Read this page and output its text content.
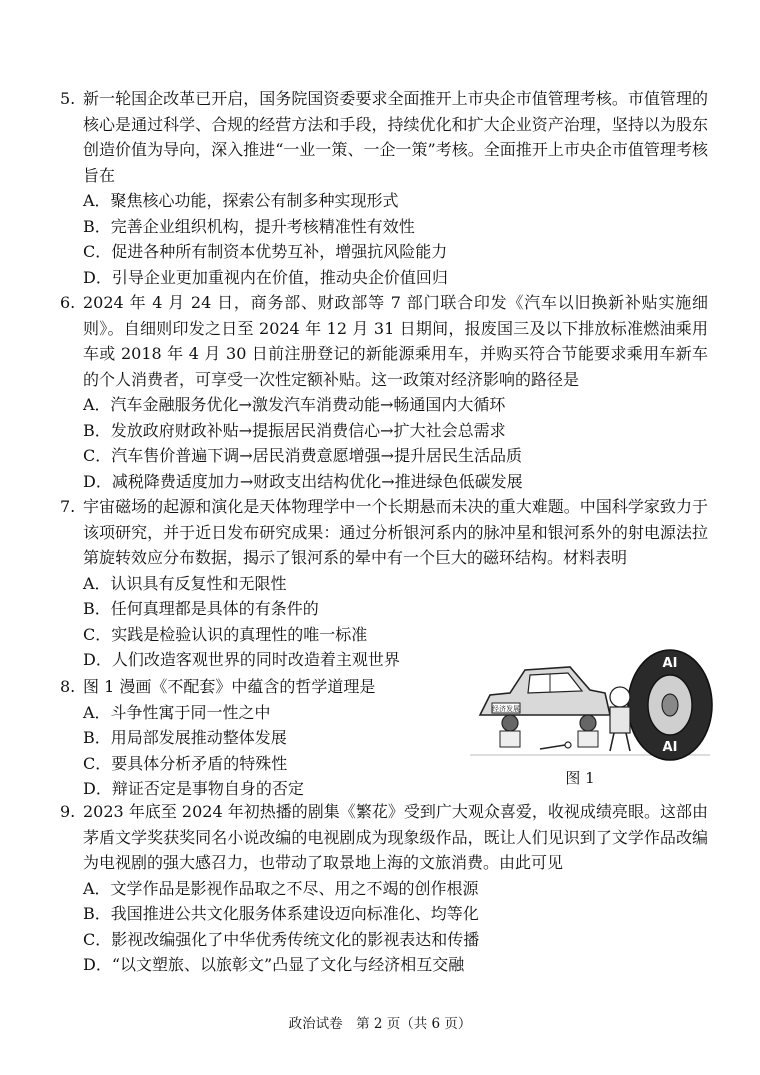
5. 新一轮国企改革已开启，国务院国资委要求全面推开上市央企市值管理考核。市值管理的核心是通过科学、合规的经营方法和手段，持续优化和扩大企业资产治理，坚持以为股东创造价值为导向，深入推进“一业一策、一企一策”考核。全面推开上市央企市值管理考核旨在

A．聚焦核心功能，探索公有制多种实现形式

B．完善企业组织机构，提升考核精准性有效性

C．促进各种所有制资本优势互补，增强抗风险能力

D．引导企业更加重视内在价值，推动央企价值回归

6. 2024 年 4 月 24 日，商务部、财政部等 7 部门联合印发《汽车以旧换新补贴实施细则》。自细则印发之日至 2024 年 12 月 31 日期间，报废国三及以下排放标准燃油乘用车或 2018 年 4 月 30 日前注册登记的新能源乘用车，并购买符合节能要求乘用车新车的个人消费者，可享受一次性定额补贴。这一政策对经济影响的路径是

A．汽车金融服务优化→激发汽车消费动能→畅通国内大循环

B．发放政府财政补贴→提振居民消费信心→扩大社会总需求

C．汽车售价普遍下调→居民消费意愿增强→提升居民生活品质

D．减税降费适度加力→财政支出结构优化→推进绿色低碳发展

7. 宇宙磁场的起源和演化是天体物理学中一个长期悬而未决的重大难题。中国科学家致力于该项研究，并于近日发布研究成果：通过分析银河系内的脉冲星和银河系外的射电源法拉第旋转效应分布数据，揭示了银河系的晕中有一个巨大的磁环结构。材料表明

A．认识具有反复性和无限性

B．任何真理都是具体的有条件的

C．实践是检验认识的真理性的唯一标准

D．人们改造客观世界的同时改造着主观世界

8. 图 1 漫画《不配套》中蕴含的哲学道理是

A．斗争性寓于同一性之中

B．用局部发展推动整体发展

C．要具体分析矛盾的特殊性

D．辩证否定是事物自身的否定

经济发展
AI
AI
图 1

9. 2023 年底至 2024 年初热播的剧集《繁花》受到广大观众喜爱，收视成绩亮眼。这部由茅盾文学奖获奖同名小说改编的电视剧成为现象级作品，既让人们见识到了文学作品改编为电视剧的强大感召力，也带动了取景地上海的文旅消费。由此可见

A．文学作品是影视作品取之不尽、用之不竭的创作根源

B．我国推进公共文化服务体系建设迈向标准化、均等化

C．影视改编强化了中华优秀传统文化的影视表达和传播

D．“以文塑旅、以旅彰文”凸显了文化与经济相互交融

政治试卷　第 2 页（共 6 页）
